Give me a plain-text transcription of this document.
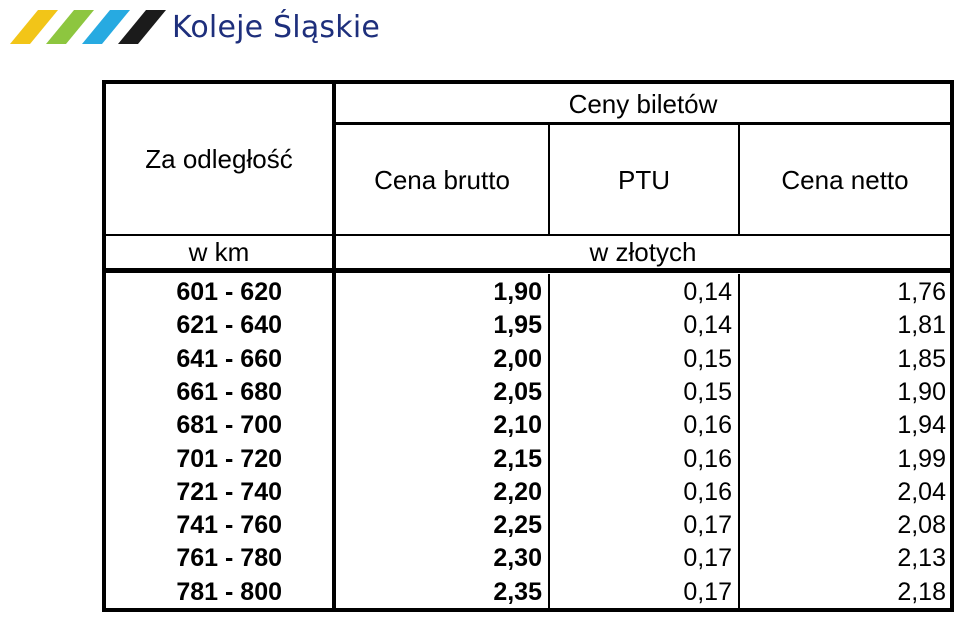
Koleje Śląskie
Za odległość
Ceny biletów
Cena brutto	PTU	Cena netto
w km	w złotych
601 - 620	1,90	0,14	1,76
621 - 640	1,95	0,14	1,81
641 - 660	2,00	0,15	1,85
661 - 680	2,05	0,15	1,90
681 - 700	2,10	0,16	1,94
701 - 720	2,15	0,16	1,99
721 - 740	2,20	0,16	2,04
741 - 760	2,25	0,17	2,08
761 - 780	2,30	0,17	2,13
781 - 800	2,35	0,17	2,18
